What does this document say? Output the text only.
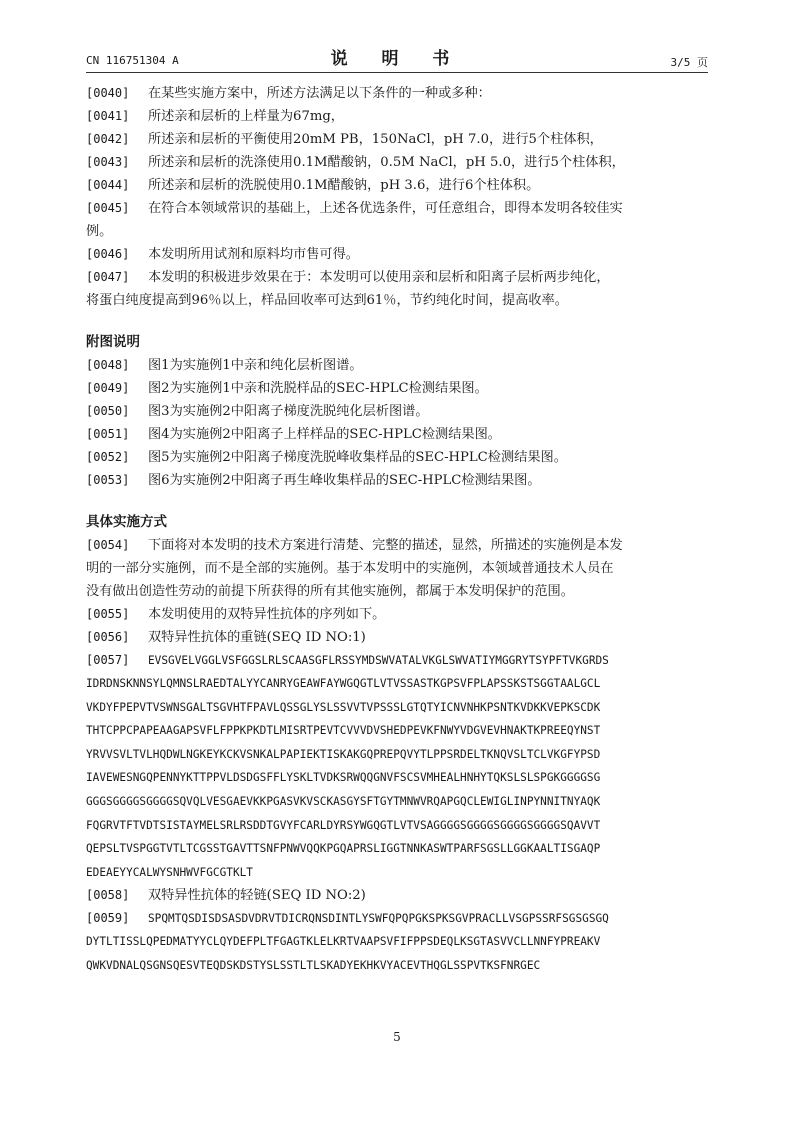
CN 116751304 A	说 明 书	3/5 页
[0040] 在某些实施方案中，所述方法满足以下条件的一种或多种：
[0041] 所述亲和层析的上样量为67mg，
[0042] 所述亲和层析的平衡使用20mM PB，150NaCl，pH 7.0，进行5个柱体积，
[0043] 所述亲和层析的洗涤使用0.1M醋酸钠，0.5M NaCl，pH 5.0，进行5个柱体积，
[0044] 所述亲和层析的洗脱使用0.1M醋酸钠，pH 3.6，进行6个柱体积。
[0045] 在符合本领域常识的基础上，上述各优选条件，可任意组合，即得本发明各较佳实
例。
[0046] 本发明所用试剂和原料均市售可得。
[0047] 本发明的积极进步效果在于：本发明可以使用亲和层析和阳离子层析两步纯化，
将蛋白纯度提高到96％以上，样品回收率可达到61％，节约纯化时间，提高收率。
附图说明
[0048] 图1为实施例1中亲和纯化层析图谱。
[0049] 图2为实施例1中亲和洗脱样品的SEC-HPLC检测结果图。
[0050] 图3为实施例2中阳离子梯度洗脱纯化层析图谱。
[0051] 图4为实施例2中阳离子上样样品的SEC-HPLC检测结果图。
[0052] 图5为实施例2中阳离子梯度洗脱峰收集样品的SEC-HPLC检测结果图。
[0053] 图6为实施例2中阳离子再生峰收集样品的SEC-HPLC检测结果图。
具体实施方式
[0054] 下面将对本发明的技术方案进行清楚、完整的描述，显然，所描述的实施例是本发
明的一部分实施例，而不是全部的实施例。基于本发明中的实施例，本领域普通技术人员在
没有做出创造性劳动的前提下所获得的所有其他实施例，都属于本发明保护的范围。
[0055] 本发明使用的双特异性抗体的序列如下。
[0056] 双特异性抗体的重链(SEQ ID NO:1)
[0057] EVSGVELVGGLVSFGGSLRLSCAASGFLRSSYMDSWVATALVKGLSWVATIYMGGRYTSYPFTVKGRDS
IDRDNSKNNSYLQMNSLRAEDTALYYCANRYGEAWFAYWGQGTLVTVSSASTKGPSVFPLAPSSKSTSGGTAALGCL
VKDYFPEPVTVSWNSGALTSGVHTFPAVLQSSGLYSLSSVVTVPSSSLGTQTYICNVNHKPSNTKVDKKVEPKSCDK
THTCPPCPAPEAAGAPSVFLFPPKPKDTLMISRTPEVTCVVVDVSHEDPEVKFNWYVDGVEVHNAKTKPREEQYNST
YRVVSVLTVLHQDWLNGKEYKCKVSNKALPAPIEKTISKAKGQPREPQVYTLPPSRDELTKNQVSLTCLVKGFYPSD
IAVEWESNGQPENNYKTTPPVLDSDGSFFLYSKLTVDKSRWQQGNVFSCSVMHEALHNHYTQKSLSLSPGKGGGGSG
GGGSGGGGSGGGGSQVQLVESGAEVKKPGASVKVSCKASGYSFTGYTMNWVRQAPGQCLEWIGLINPYNNITNYAQK
FQGRVTFTVDTSISTAYMELSRLRSDDTGVYFCARLDYRSYWGQGTLVTVSAGGGGSGGGGSGGGGSGGGGSQAVVT
QEPSLTVSPGGTVTLTCGSSTGAVTTSNFPNWVQQKPGQAPRSLIGGTNNKASWTPARFSGSLLGGKAALTISGAQP
EDEAEYYCALWYSNHWVFGCGTKLT
[0058] 双特异性抗体的轻链(SEQ ID NO:2)
[0059] SPQMTQSDISDSASDVDRVTDICRQNSDINTLYSWFQPQPGKSPKSGVPRACLLVSGPSSRFSGSGSGQ
DYTLTISSLQPEDMATYYCLQYDEFPLTFGAGTKLELKRTVAAPSVFIFPPSDEQLKSGTASVVCLLNNFYPREAKV
QWKVDNALQSGNSQESVTEQDSKDSTYSLSSTLTLSKADYEKHKVYACEVTHQGLSSPVTKSFNRGEC
5
